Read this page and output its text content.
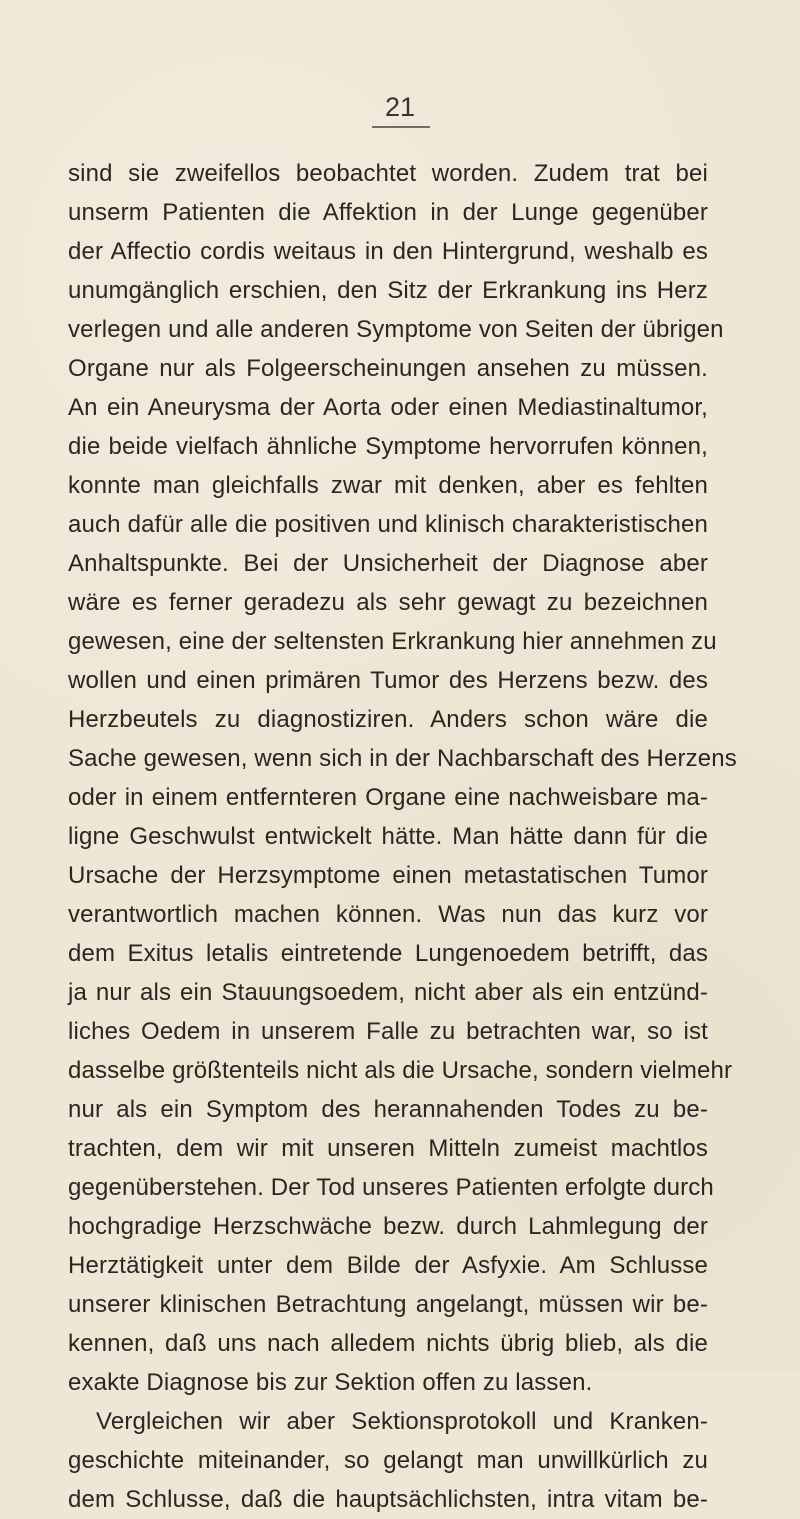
21
sind sie zweifellos beobachtet worden. Zudem trat bei
unserm Patienten die Affektion in der Lunge gegenüber
der Affectio cordis weitaus in den Hintergrund, weshalb es
unumgänglich erschien, den Sitz der Erkrankung ins Herz
verlegen und alle anderen Symptome von Seiten der übrigen
Organe nur als Folgeerscheinungen ansehen zu müssen.
An ein Aneurysma der Aorta oder einen Mediastinaltumor,
die beide vielfach ähnliche Symptome hervorrufen können,
konnte man gleichfalls zwar mit denken, aber es fehlten
auch dafür alle die positiven und klinisch charakteristischen
Anhaltspunkte. Bei der Unsicherheit der Diagnose aber
wäre es ferner geradezu als sehr gewagt zu bezeichnen
gewesen, eine der seltensten Erkrankung hier annehmen zu
wollen und einen primären Tumor des Herzens bezw. des
Herzbeutels zu diagnostiziren. Anders schon wäre die
Sache gewesen, wenn sich in der Nachbarschaft des Herzens
oder in einem entfernteren Organe eine nachweisbare ma-
ligne Geschwulst entwickelt hätte. Man hätte dann für die
Ursache der Herzsymptome einen metastatischen Tumor
verantwortlich machen können. Was nun das kurz vor
dem Exitus letalis eintretende Lungenoedem betrifft, das
ja nur als ein Stauungsoedem, nicht aber als ein entzünd-
liches Oedem in unserem Falle zu betrachten war, so ist
dasselbe größtenteils nicht als die Ursache, sondern vielmehr
nur als ein Symptom des herannahenden Todes zu be-
trachten, dem wir mit unseren Mitteln zumeist machtlos
gegenüberstehen. Der Tod unseres Patienten erfolgte durch
hochgradige Herzschwäche bezw. durch Lahmlegung der
Herztätigkeit unter dem Bilde der Asfyxie. Am Schlusse
unserer klinischen Betrachtung angelangt, müssen wir be-
kennen, daß uns nach alledem nichts übrig blieb, als die
exakte Diagnose bis zur Sektion offen zu lassen.
Vergleichen wir aber Sektionsprotokoll und Kranken-
geschichte miteinander, so gelangt man unwillkürlich zu
dem Schlusse, daß die hauptsächlichsten, intra vitam be-
